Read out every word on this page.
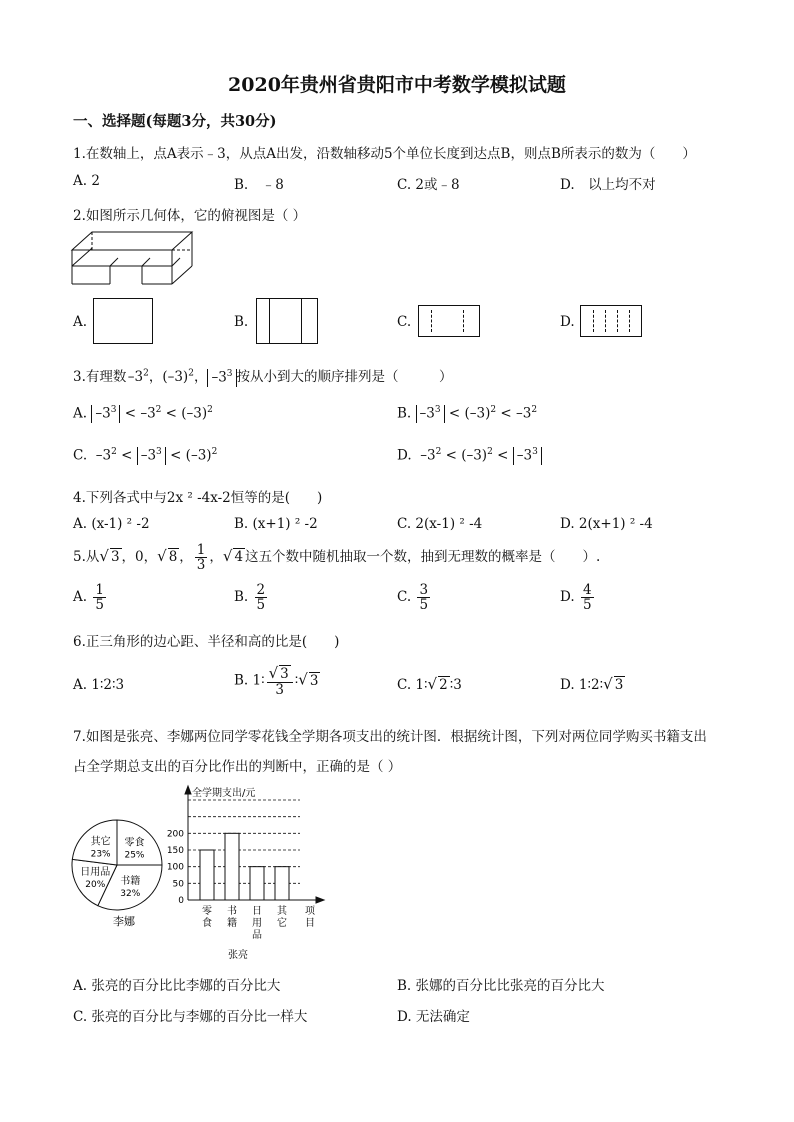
2020年贵州省贵阳市中考数学模拟试题
一、选择题(每题3分，共30分)
1.在数轴上，点A表示﹣3，从点A出发，沿数轴移动5个单位长度到达点B，则点B所表示的数为（　　）
A. 2	B.　﹣8	C. 2或﹣8	D.　以上均不对
2.如图所示几何体，它的俯视图是（ ）
A.	B.	C.	D.
3.有理数 $-3^2$，$(-3)^2$， $-3^3$ 按从小到大的顺序排列是（　　　）
A. $-3^3 < -3^2 < (-3)^2$	B. $-3^3 < (-3)^2 < -3^2$
C.  $-3^2 < -3^3 < (-3)^2$	D.  $-3^2 < (-3)^2 < -3^3$
4.下列各式中与2x ² -4x-2恒等的是(　　)
A. (x-1) ² -2	B. (x+1) ² -2	C. 2(x-1) ² -4	D. 2(x+1) ² -4
5.从√ 3 ，0，√ 8 ， $\frac{1}{3}$ ，√ 4 这五个数中随机抽取一个数，抽到无理数的概率是（　　）.
A. $\frac{1}{5}$	B. $\frac{2}{5}$	C. $\frac{3}{5}$	D. $\frac{4}{5}$
6.正三角形的边心距、半径和高的比是(　　)
A. 1∶2∶3	B. 1∶ $\frac{√ 3}{3}$ ∶√ 3	C. 1∶√ 2 ∶3	D. 1∶2∶√ 3
7.如图是张亮、李娜两位同学零花钱全学期各项支出的统计图．根据统计图，下列对两位同学购买书籍支出
占全学期总支出的百分比作出的判断中，正确的是（ ）
零食
25%
书籍
32%
日用品
20%
其它
23%
李娜
全学期支出/元
0
50
100
150
200
零
食
书
籍
日
用
品
其
它
项
目
张亮
A. 张亮的百分比比李娜的百分比大	B. 张娜的百分比比张亮的百分比大
C. 张亮的百分比与李娜的百分比一样大	D. 无法确定
